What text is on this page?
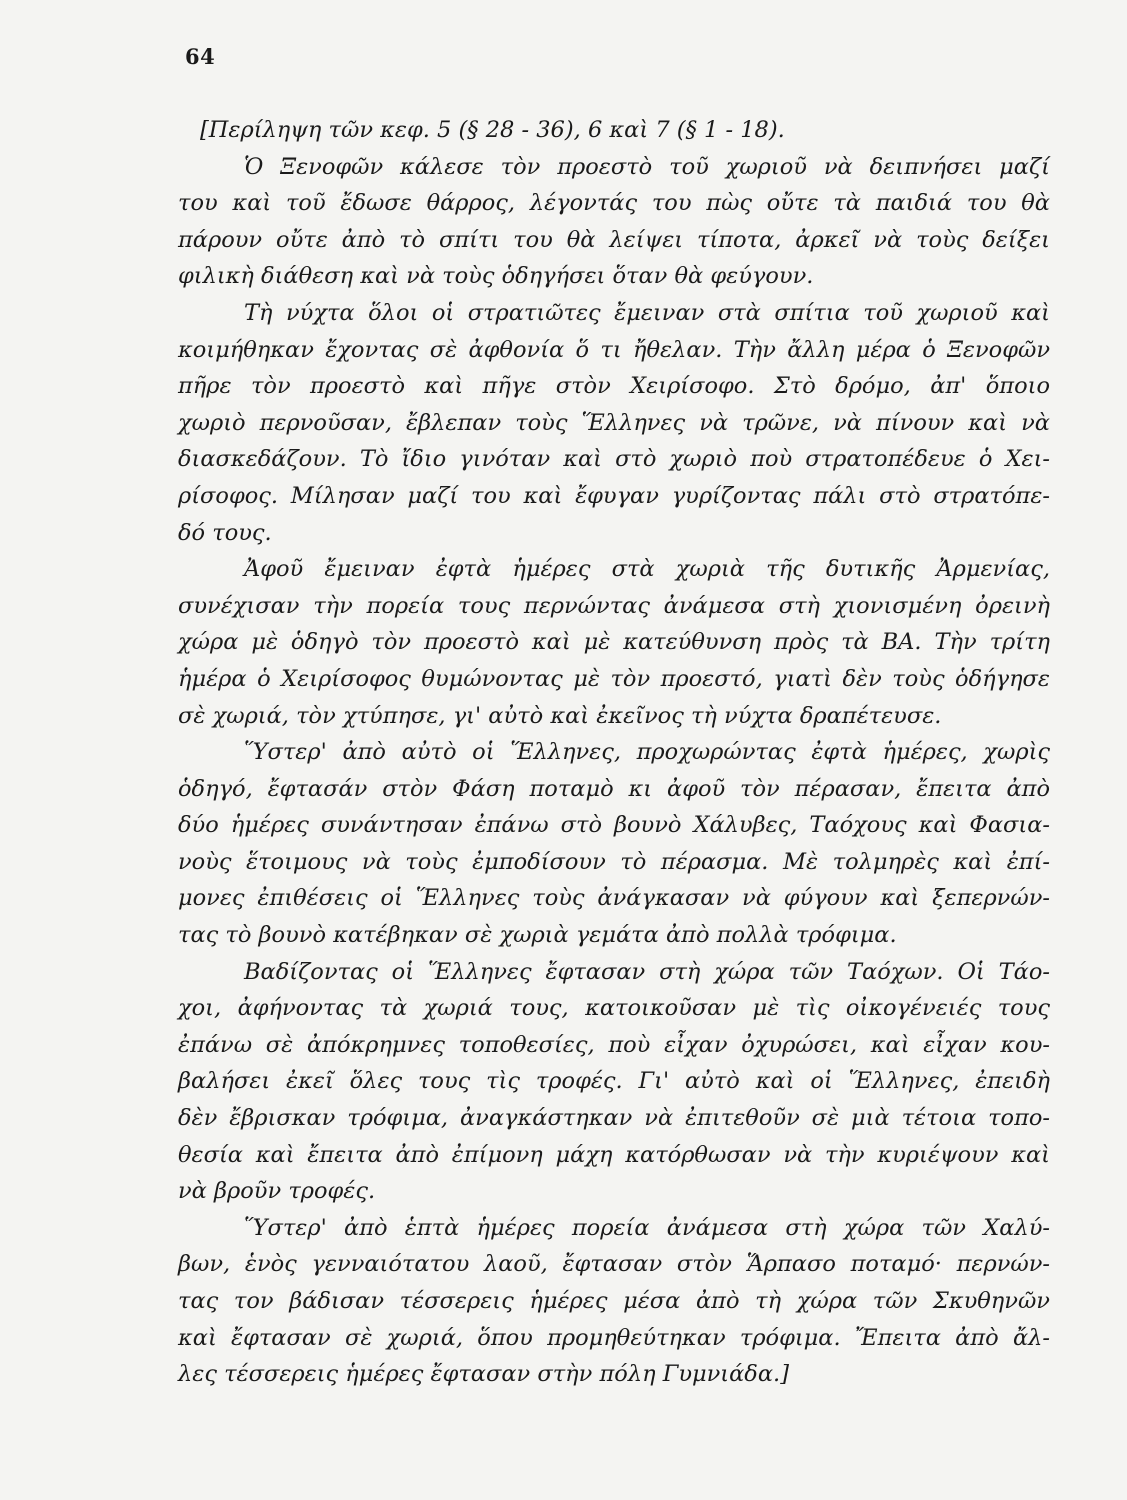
64
[Περίληψη τῶν κεφ. 5 (§ 28 - 36), 6 καὶ 7 (§ 1 - 18).
Ὁ Ξενοφῶν κάλεσε τὸν προεστὸ τοῦ χωριοῦ νὰ δειπνήσει μαζί
του καὶ τοῦ ἔδωσε θάρρος, λέγοντάς του πὼς οὔτε τὰ παιδιά του θὰ
πάρουν οὔτε ἀπὸ τὸ σπίτι του θὰ λείψει τίποτα, ἀρκεῖ νὰ τοὺς δείξει
φιλικὴ διάθεση καὶ νὰ τοὺς ὁδηγήσει ὅταν θὰ φεύγουν.
Τὴ νύχτα ὅλοι οἱ στρατιῶτες ἔμειναν στὰ σπίτια τοῦ χωριοῦ καὶ
κοιμήθηκαν ἔχοντας σὲ ἀφθονία ὅ τι ἤθελαν. Τὴν ἄλλη μέρα ὁ Ξενοφῶν
πῆρε τὸν προεστὸ καὶ πῆγε στὸν Χειρίσοφο. Στὸ δρόμο, ἀπ' ὅποιο
χωριὸ περνοῦσαν, ἔβλεπαν τοὺς Ἕλληνες νὰ τρῶνε, νὰ πίνουν καὶ νὰ
διασκεδάζουν. Τὸ ἴδιο γινόταν καὶ στὸ χωριὸ ποὺ στρατοπέδευε ὁ Χει-
ρίσοφος. Μίλησαν μαζί του καὶ ἔφυγαν γυρίζοντας πάλι στὸ στρατόπε-
δό τους.
Ἀφοῦ ἔμειναν ἐφτὰ ἡμέρες στὰ χωριὰ τῆς δυτικῆς Ἀρμενίας,
συνέχισαν τὴν πορεία τους περνώντας ἀνάμεσα στὴ χιονισμένη ὀρεινὴ
χώρα μὲ ὁδηγὸ τὸν προεστὸ καὶ μὲ κατεύθυνση πρὸς τὰ ΒΑ. Τὴν τρίτη
ἡμέρα ὁ Χειρίσοφος θυμώνοντας μὲ τὸν προεστό, γιατὶ δὲν τοὺς ὁδήγησε
σὲ χωριά, τὸν χτύπησε, γι' αὐτὸ καὶ ἐκεῖνος τὴ νύχτα δραπέτευσε.
Ὕστερ' ἀπὸ αὐτὸ οἱ Ἕλληνες, προχωρώντας ἐφτὰ ἡμέρες, χωρὶς
ὁδηγό, ἔφτασάν στὸν Φάση ποταμὸ κι ἀφοῦ τὸν πέρασαν, ἔπειτα ἀπὸ
δύο ἡμέρες συνάντησαν ἐπάνω στὸ βουνὸ Χάλυβες, Ταόχους καὶ Φασια-
νοὺς ἕτοιμους νὰ τοὺς ἐμποδίσουν τὸ πέρασμα. Μὲ τολμηρὲς καὶ ἐπί-
μονες ἐπιθέσεις οἱ Ἕλληνες τοὺς ἀνάγκασαν νὰ φύγουν καὶ ξεπερνών-
τας τὸ βουνὸ κατέβηκαν σὲ χωριὰ γεμάτα ἀπὸ πολλὰ τρόφιμα.
Βαδίζοντας οἱ Ἕλληνες ἔφτασαν στὴ χώρα τῶν Ταόχων. Οἱ Τάο-
χοι, ἀφήνοντας τὰ χωριά τους, κατοικοῦσαν μὲ τὶς οἰκογένειές τους
ἐπάνω σὲ ἀπόκρημνες τοποθεσίες, ποὺ εἶχαν ὀχυρώσει, καὶ εἶχαν κου-
βαλήσει ἐκεῖ ὅλες τους τὶς τροφές. Γι' αὐτὸ καὶ οἱ Ἕλληνες, ἐπειδὴ
δὲν ἔβρισκαν τρόφιμα, ἀναγκάστηκαν νὰ ἐπιτεθοῦν σὲ μιὰ τέτοια τοπο-
θεσία καὶ ἔπειτα ἀπὸ ἐπίμονη μάχη κατόρθωσαν νὰ τὴν κυριέψουν καὶ
νὰ βροῦν τροφές.
Ὕστερ' ἀπὸ ἑπτὰ ἡμέρες πορεία ἀνάμεσα στὴ χώρα τῶν Χαλύ-
βων, ἑνὸς γενναιότατου λαοῦ, ἔφτασαν στὸν Ἅρπασο ποταμό· περνών-
τας τον βάδισαν τέσσερεις ἡμέρες μέσα ἀπὸ τὴ χώρα τῶν Σκυθηνῶν
καὶ ἔφτασαν σὲ χωριά, ὅπου προμηθεύτηκαν τρόφιμα. Ἔπειτα ἀπὸ ἄλ-
λες τέσσερεις ἡμέρες ἔφτασαν στὴν πόλη Γυμνιάδα.]
